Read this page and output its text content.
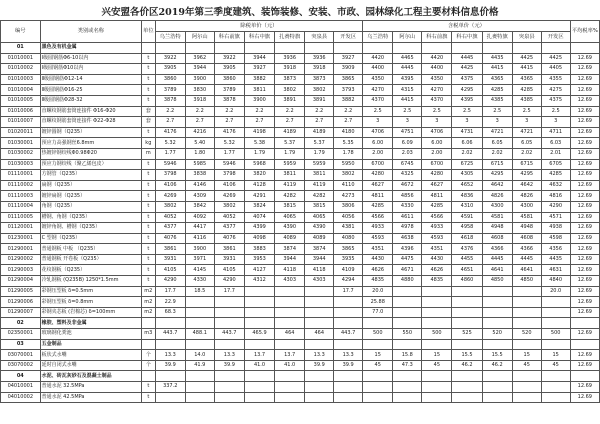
兴安盟各价区2019年第三季度建筑、装饰装修、安装、市政、园林绿化工程主要材料信息价格
编号	类别或名称	单位	除税单价（元）							含税单价（元）							平均税率%
			乌兰浩特	阿尔山	科右前旗	科右中旗	扎赉特旗	突泉县	开发区	乌兰浩特	阿尔山	科右前旗	科右中旗	扎赉特旗	突泉县	开发区	
01	黑色及有机金属																
01010001	Ⅰ级圆钢筋Φ6-10以内	t	3922	3962	3922	3944	3936	3936	3927	4420	4465	4420	4445	4435	4425	4425	12.69
01010002	Ⅰ级圆钢筋Φ10以内	t	3905	3944	3905	3927	3918	3918	3909	4400	4445	4400	4425	4415	4415	4405	12.69
01010003	Ⅱ级圆钢筋Φ12-14	t	3860	3900	3860	3882	3873	3873	3865	4350	4395	4350	4375	4365	4365	4355	12.69
01010004	Ⅱ级圆钢筋Φ16-25	t	3789	3830	3789	3811	3802	3802	3793	4270	4315	4270	4295	4285	4285	4275	12.69
01010005	Ⅱ级圆钢筋Φ28-32	t	3878	3918	3878	3900	3891	3891	3882	4370	4415	4370	4395	4385	4385	4375	12.69
01010006	直螺纹钢筋套筒连接件 Φ16-Φ20	套	2.2	2.2	2.2	2.2	2.2	2.2	2.2	2.5	2.5	2.5	2.5	2.5	2.5	2.5	12.69
01010007	直螺纹钢筋套筒连接件 Φ22-Φ28	套	2.7	2.7	2.7	2.7	2.7	2.7	2.7	3	3	3	3	3	3	3	12.69
01020011	镀锌圆钢（Q235）	t	4176	4216	4176	4198	4189	4189	4180	4706	4751	4706	4731	4721	4721	4711	12.69
01030001	预应力高强钢丝6.8mm	kg	5.32	5.40	5.32	5.38	5.37	5.37	5.35	6.00	6.09	6.00	6.06	6.05	6.05	6.03	12.69
01030002	热镀锌钢绞线Φ0.98Φ20	m	1.77	1.80	1.77	1.79	1.79	1.79	1.78	2.00	2.03	2.00	2.02	2.02	2.02	2.01	12.69
01030003	预应力钢绞线（聚乙烯包皮）	t	5946	5985	5946	5968	5959	5959	5950	6700	6745	6700	6725	6715	6715	6705	12.69
01110001	方钢管（Q235）	t	3798	3838	3798	3820	3811	3811	3802	4280	4325	4280	4305	4295	4295	4285	12.69
01110002	扁钢（Q235）	t	4106	4146	4106	4128	4119	4119	4110	4627	4672	4627	4652	4642	4642	4632	12.69
01110003	镀锌扁钢（Q235）	t	4269	4309	4269	4291	4282	4282	4273	4811	4856	4811	4836	4826	4826	4816	12.69
01110004	角钢（Q235）	t	3802	3842	3802	3824	3815	3815	3806	4285	4330	4285	4310	4300	4300	4290	12.69
01110005	槽钢、角钢（Q235）	t	4052	4092	4052	4074	4065	4065	4056	4566	4611	4566	4591	4581	4581	4571	12.69
01120001	镀锌角钢、槽钢（Q235）	t	4377	4417	4377	4399	4390	4390	4381	4933	4978	4933	4958	4948	4948	4938	12.69
01230001	C 型钢（Q235）	t	4076	4116	4076	4098	4089	4089	4080	4593	4638	4593	4618	4608	4608	4598	12.69
01290001	普通钢板 中板 （Q235）	t	3861	3900	3861	3883	3874	3874	3865	4351	4396	4351	4376	4366	4366	4356	12.69
01290002	普通钢板 开卷板（Q235）	t	3931	3971	3931	3953	3944	3944	3935	4430	4475	4430	4455	4445	4445	4435	12.69
01290003	花纹钢板（Q235）	t	4105	4145	4105	4127	4118	4118	4109	4626	4671	4626	4651	4641	4641	4631	12.69
01290004	冷轧钢板 (Q235B) 1250*1.5mm	t	4290	4330	4290	4312	4303	4303	4294	4835	4880	4835	4860	4850	4850	4840	12.69
01290005	彩钢压型板 δ=0.5mm	m2	17.7	18.5	17.7				17.7	20.0						20.0	12.69
01290006	彩钢压型板 δ=0.8mm	m2	22.9							25.88							12.69
01290007	彩钢夹芯板 (岩棉芯) δ=100mm	m2	68.3							77.0							12.69
02	橡胶、塑料及非金属																
02350001	玻璃钢化粪池	m3	443.7	488.1	443.7	465.9	464	464	443.7	500	550	500	525	520	520	500	12.69
03	五金制品																
03070001	板状式水嘴	个	13.3	14.0	13.3	13.7	13.7	13.3	13.3	15	15.8	15	15.5	15.5	15	15	12.69
03070002	延时自闭式水嘴	个	39.9	41.9	39.9	41.0	41.0	39.9	39.9	45	47.3	45	46.2	46.2	45	45	12.69
04	水泥、砖瓦灰砂石及混凝土制品																
04010001	普通水泥 32.5MPa	t	337.2														12.69
04010002	普通水泥 42.5MPa	t															12.69
